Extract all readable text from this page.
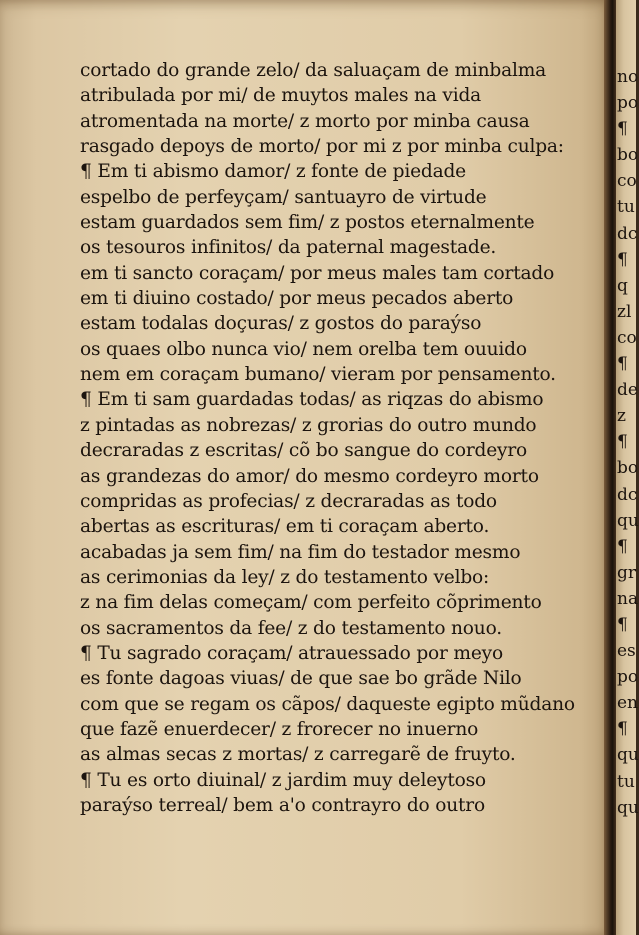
cortado do grande zelo/ da saluaçam de minbalma
atribulada por mi/ de muytos males na vida
atromentada na morte/ z morto por minba causa
rasgado depoys de morto/ por mi z por minba culpa:
¶ Em ti abismo damor/ z fonte de piedade
espelbo de perfeyçam/ santuayro de virtude
estam guardados sem fim/ z postos eternalmente
os tesouros infinitos/ da paternal magestade.
em ti sancto coraçam/ por meus males tam cortado
em ti diuino costado/ por meus pecados aberto
estam todalas doçuras/ z gostos do paraýso
os quaes olbo nunca vio/ nem orelba tem ouuido
nem em coraçam bumano/ vieram por pensamento.
¶ Em ti sam guardadas todas/ as riqzas do abismo
z pintadas as nobrezas/ z grorias do outro mundo
decraradas z escritas/ cõ bo sangue do cordeyro
as grandezas do amor/ do mesmo cordeyro morto
compridas as profecias/ z decraradas as todo
abertas as escrituras/ em ti coraçam aberto.
acabadas ja sem fim/ na fim do testador mesmo
as cerimonias da ley/ z do testamento velbo:
z na fim delas começam/ com perfeito cõprimento
os sacramentos da fee/ z do testamento nouo.
¶ Tu sagrado coraçam/ atrauessado por meyo
es fonte dagoas viuas/ de que sae bo grãde Nilo
com que se regam os cãpos/ daqueste egipto mũdano
que fazẽ enuerdecer/ z frorecer no inuerno
as almas secas z mortas/ z carregarẽ de fruyto.
¶ Tu es orto diuinal/ z jardim muy deleytoso
paraýso terreal/ bem a'o contrayro do outro
no
po
¶
bo
co
tu
dc
¶
q
zl
co
¶
de
z
¶
bo
dc
qu
¶
gr
na
¶
es
po
en
¶
qu
tu
qu
